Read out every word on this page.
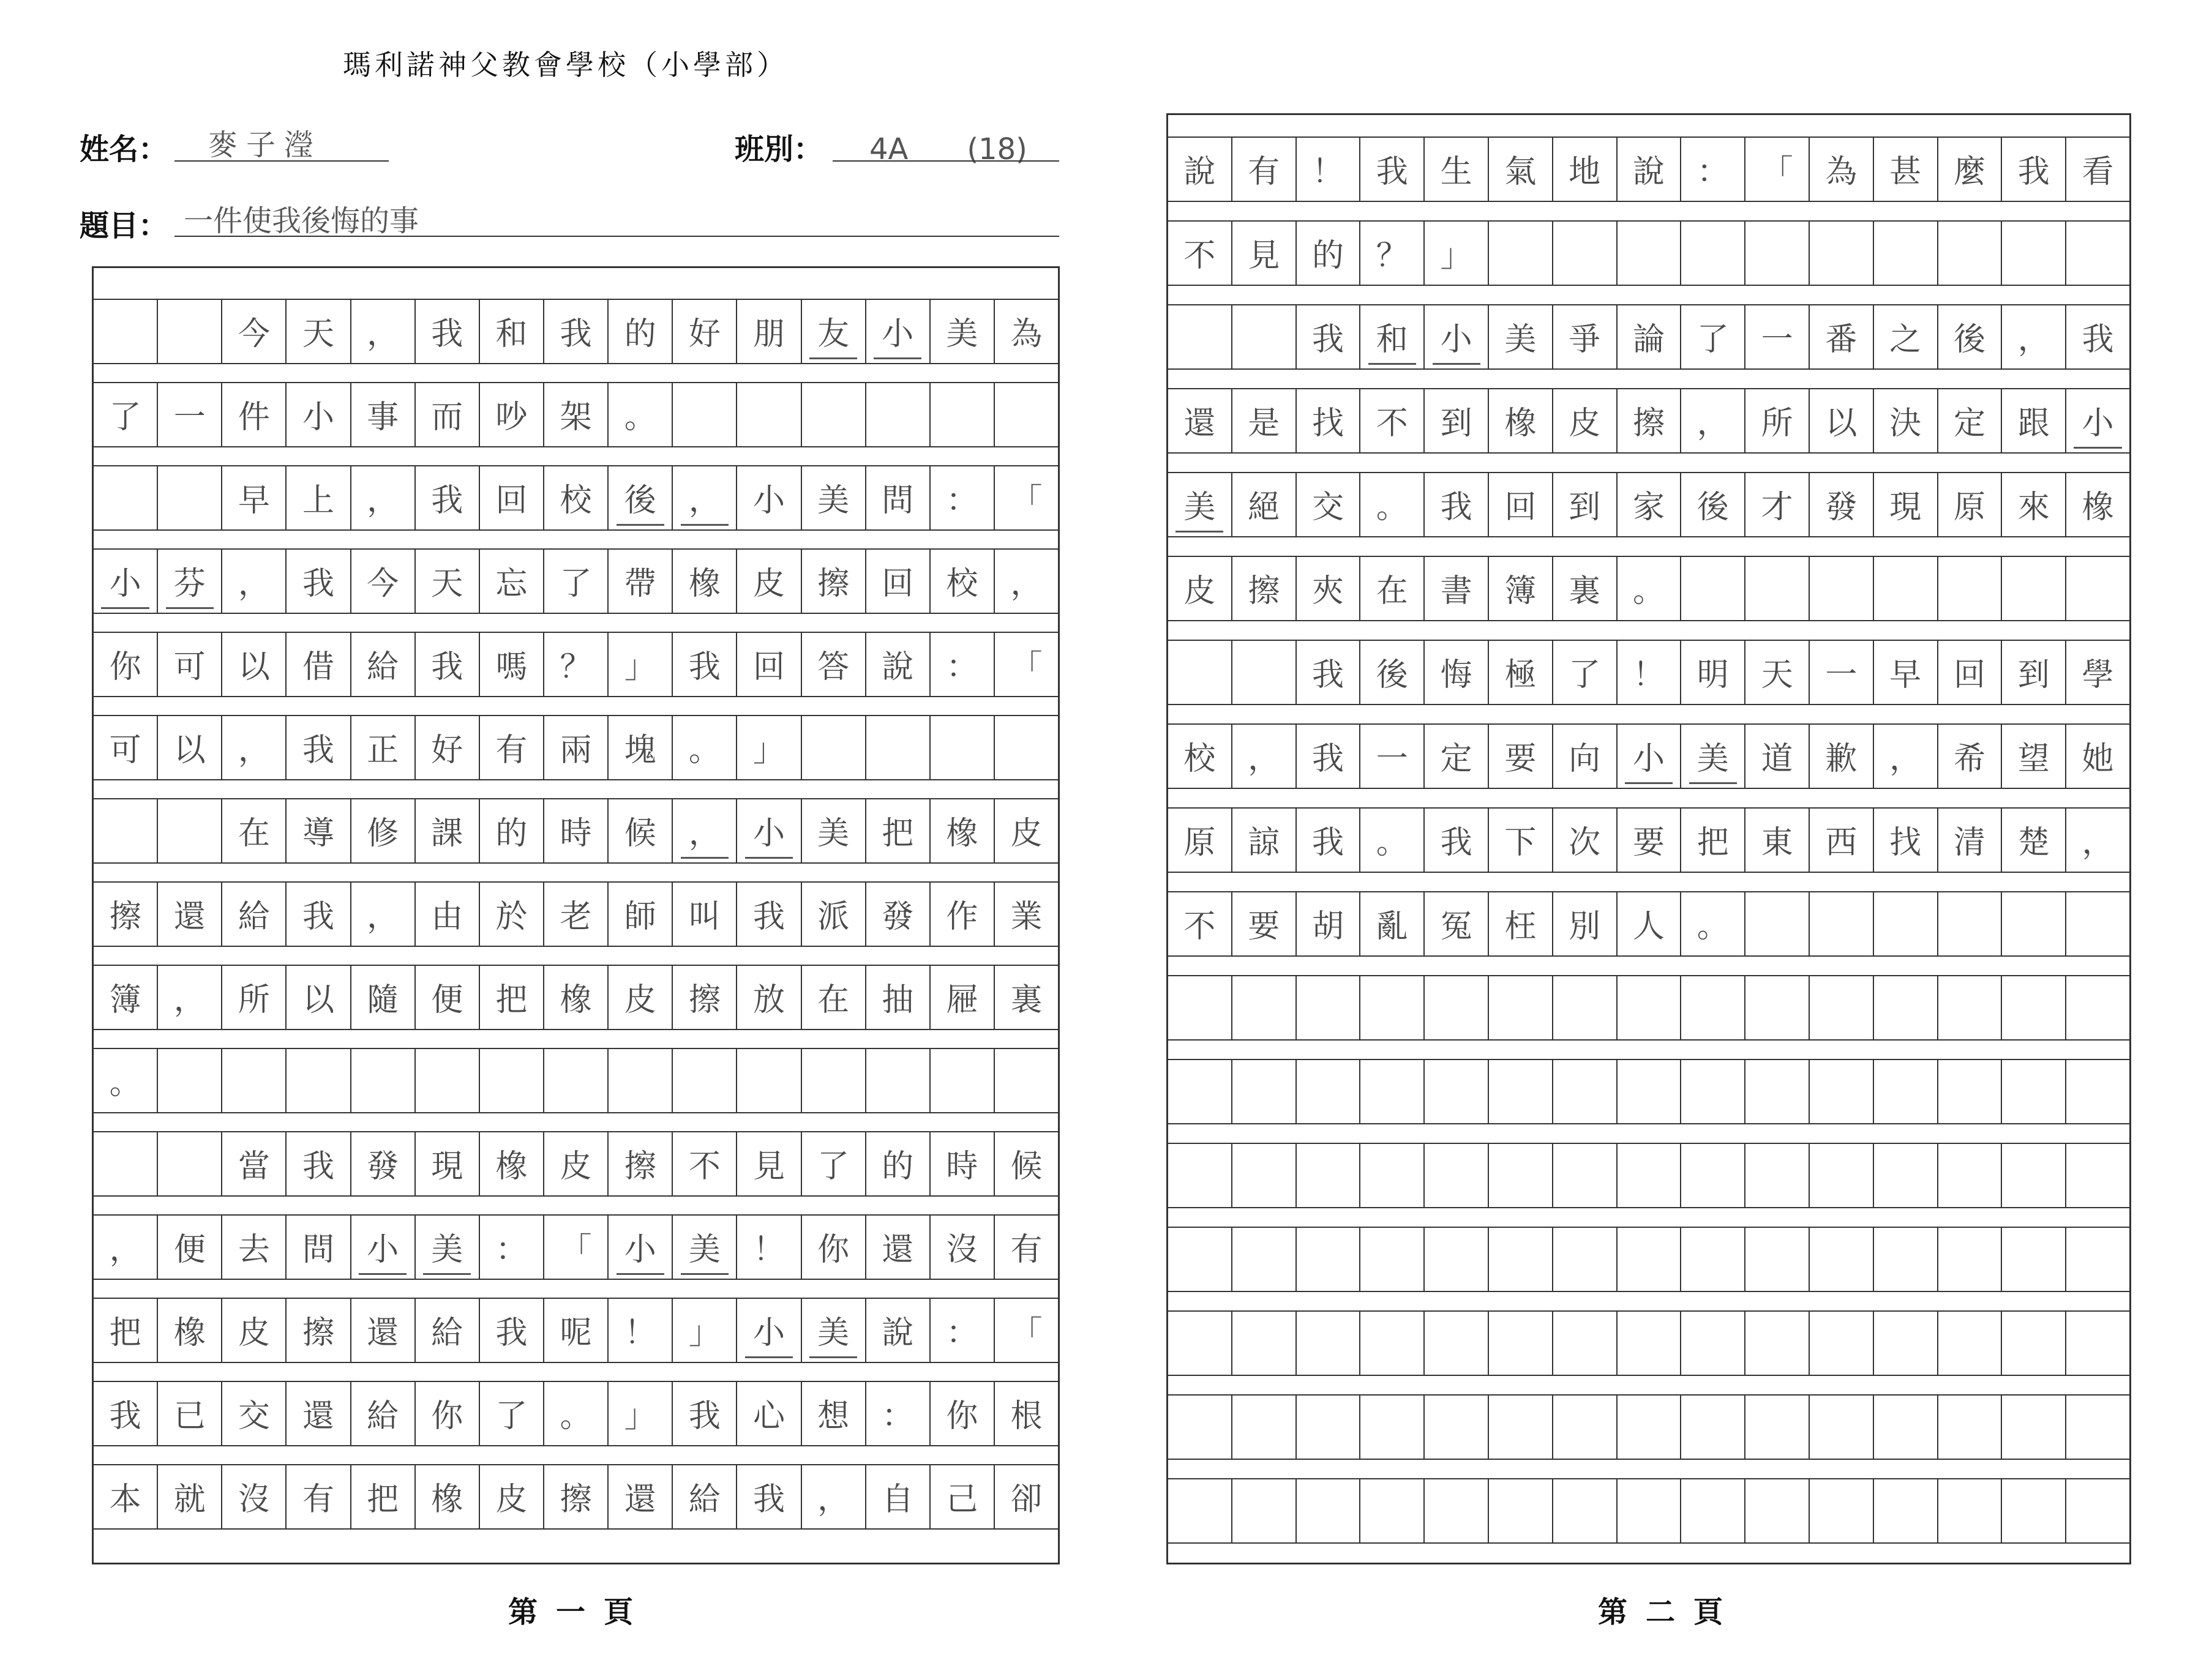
瑪利諾神父教會學校（小學部）
姓名： 麥子瀅	班別： 4A　　(18)
題目： 一件使我後悔的事
今	天	，	我	和	我	的	好	朋	友	小	美	為
了	一	件	小	事	而	吵	架	。
早	上	，	我	回	校	後	，	小	美	問	：	「
小	芬	，	我	今	天	忘	了	帶	橡	皮	擦	回	校	，
你	可	以	借	給	我	嗎	？	」	我	回	答	說	：	「
可	以	，	我	正	好	有	兩	塊	。	」
在	導	修	課	的	時	候	，	小	美	把	橡	皮
擦	還	給	我	，	由	於	老	師	叫	我	派	發	作	業
簿	，	所	以	隨	便	把	橡	皮	擦	放	在	抽	屜	裏
。
當	我	發	現	橡	皮	擦	不	見	了	的	時	候
，	便	去	問	小	美	：	「	小	美	！	你	還	沒	有
把	橡	皮	擦	還	給	我	呢	！	」	小	美	說	：	「
我	已	交	還	給	你	了	。	」	我	心	想	：	你	根
本	就	沒	有	把	橡	皮	擦	還	給	我	，	自	己	卻
說	有	！	我	生	氣	地	說	：	「	為	甚	麼	我	看
不	見	的	？	」
我	和	小	美	爭	論	了	一	番	之	後	，	我
還	是	找	不	到	橡	皮	擦	，	所	以	決	定	跟	小
美	絕	交	。	我	回	到	家	後	才	發	現	原	來	橡
皮	擦	夾	在	書	簿	裏	。
我	後	悔	極	了	！	明	天	一	早	回	到	學
校	，	我	一	定	要	向	小	美	道	歉	，	希	望	她
原	諒	我	。	我	下	次	要	把	東	西	找	清	楚	，
不	要	胡	亂	冤	枉	別	人	。
第一頁	第二頁
